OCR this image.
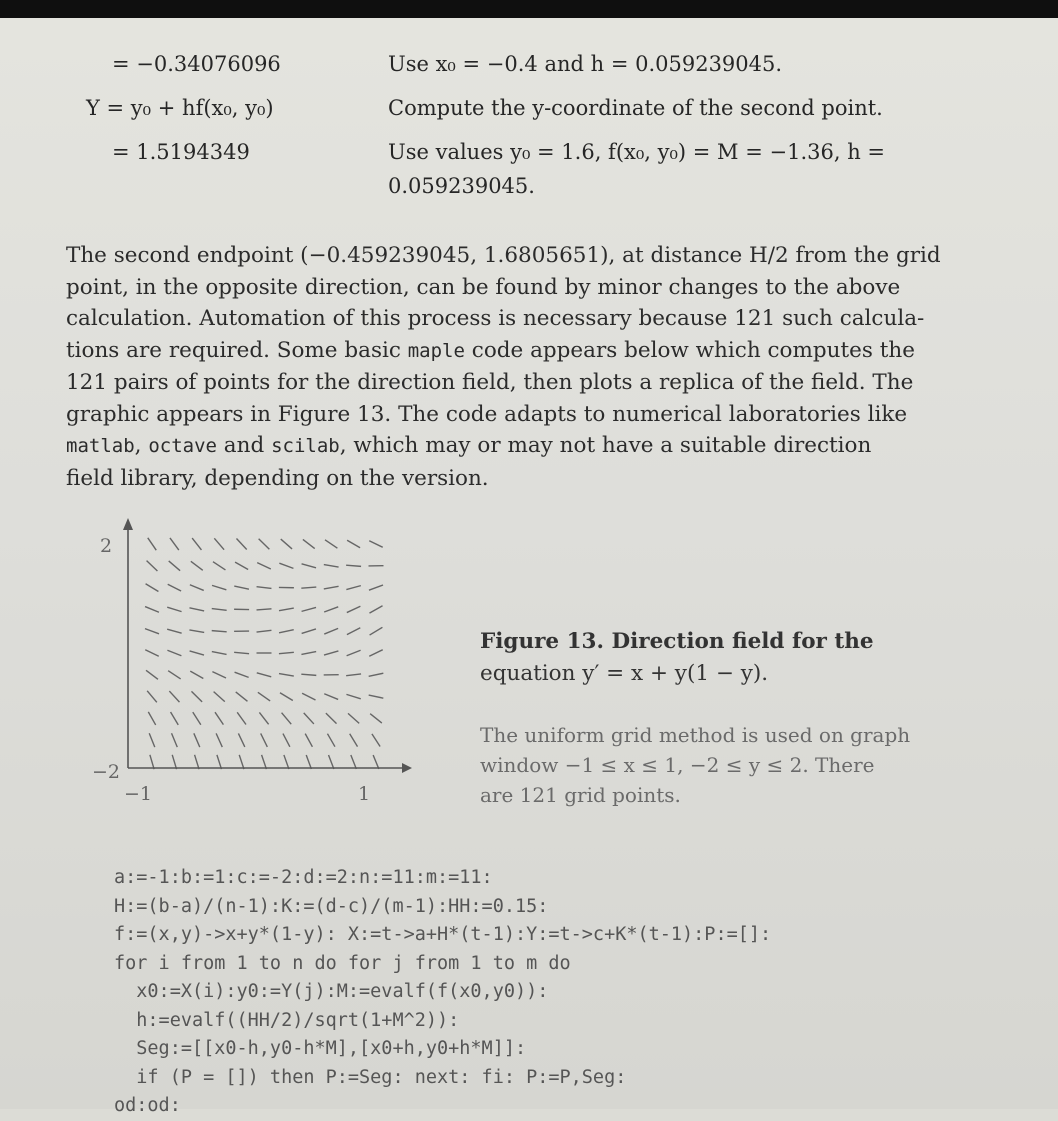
= −0.34076096
Y = y₀ + hf(x₀, y₀)
= 1.5194349
Use x₀ = −0.4 and h = 0.059239045.
Compute the y-coordinate of the second point.
Use values y₀ = 1.6, f(x₀, y₀) = M = −1.36, h =
0.059239045.
The second endpoint (−0.459239045, 1.6805651), at distance H/2 from the grid
point, in the opposite direction, can be found by minor changes to the above
calculation. Automation of this process is necessary because 121 such calcula-
tions are required. Some basic maple code appears below which computes the
121 pairs of points for the direction field, then plots a replica of the field. The
graphic appears in Figure 13. The code adapts to numerical laboratories like
matlab, octave and scilab, which may or may not have a suitable direction
field library, depending on the version.
2
−2
−1	1
Figure 13. Direction field for the
equation y′ = x + y(1 − y).
The uniform grid method is used on graph
window −1 ≤ x ≤ 1, −2 ≤ y ≤ 2. There
are 121 grid points.
a:=-1:b:=1:c:=-2:d:=2:n:=11:m:=11:
H:=(b-a)/(n-1):K:=(d-c)/(m-1):HH:=0.15:
f:=(x,y)->x+y*(1-y): X:=t->a+H*(t-1):Y:=t->c+K*(t-1):P:=[]:
for i from 1 to n do for j from 1 to m do
x0:=X(i):y0:=Y(j):M:=evalf(f(x0,y0)):
h:=evalf((HH/2)/sqrt(1+M^2)):
Seg:=[[x0-h,y0-h*M],[x0+h,y0+h*M]]:
if (P = []) then P:=Seg: next: fi: P:=P,Seg:
od:od:
